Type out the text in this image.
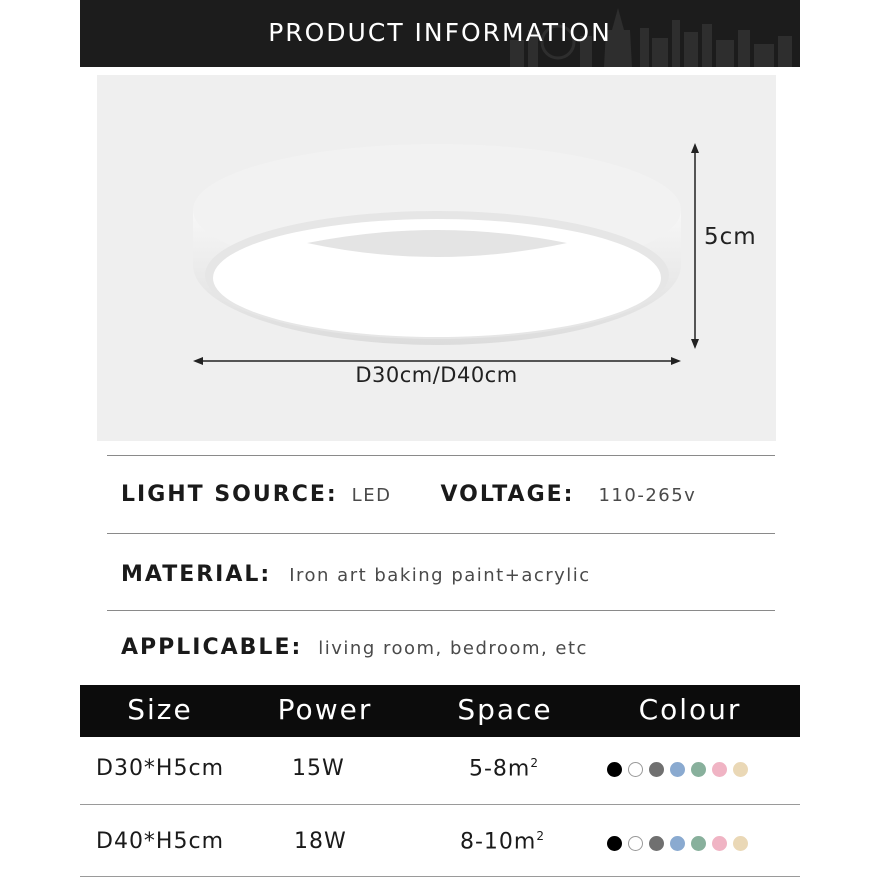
PRODUCT INFORMATION
D30cm/D40cm
5cm
LIGHT SOURCE: LED VOLTAGE: 110-265v
MATERIAL: Iron art baking paint+acrylic
APPLICABLE: living room, bedroom, etc
Size	Power	Space	Colour
D30*H5cm	15W	$5-8m^2$
D40*H5cm	18W	$8-10m^2$
